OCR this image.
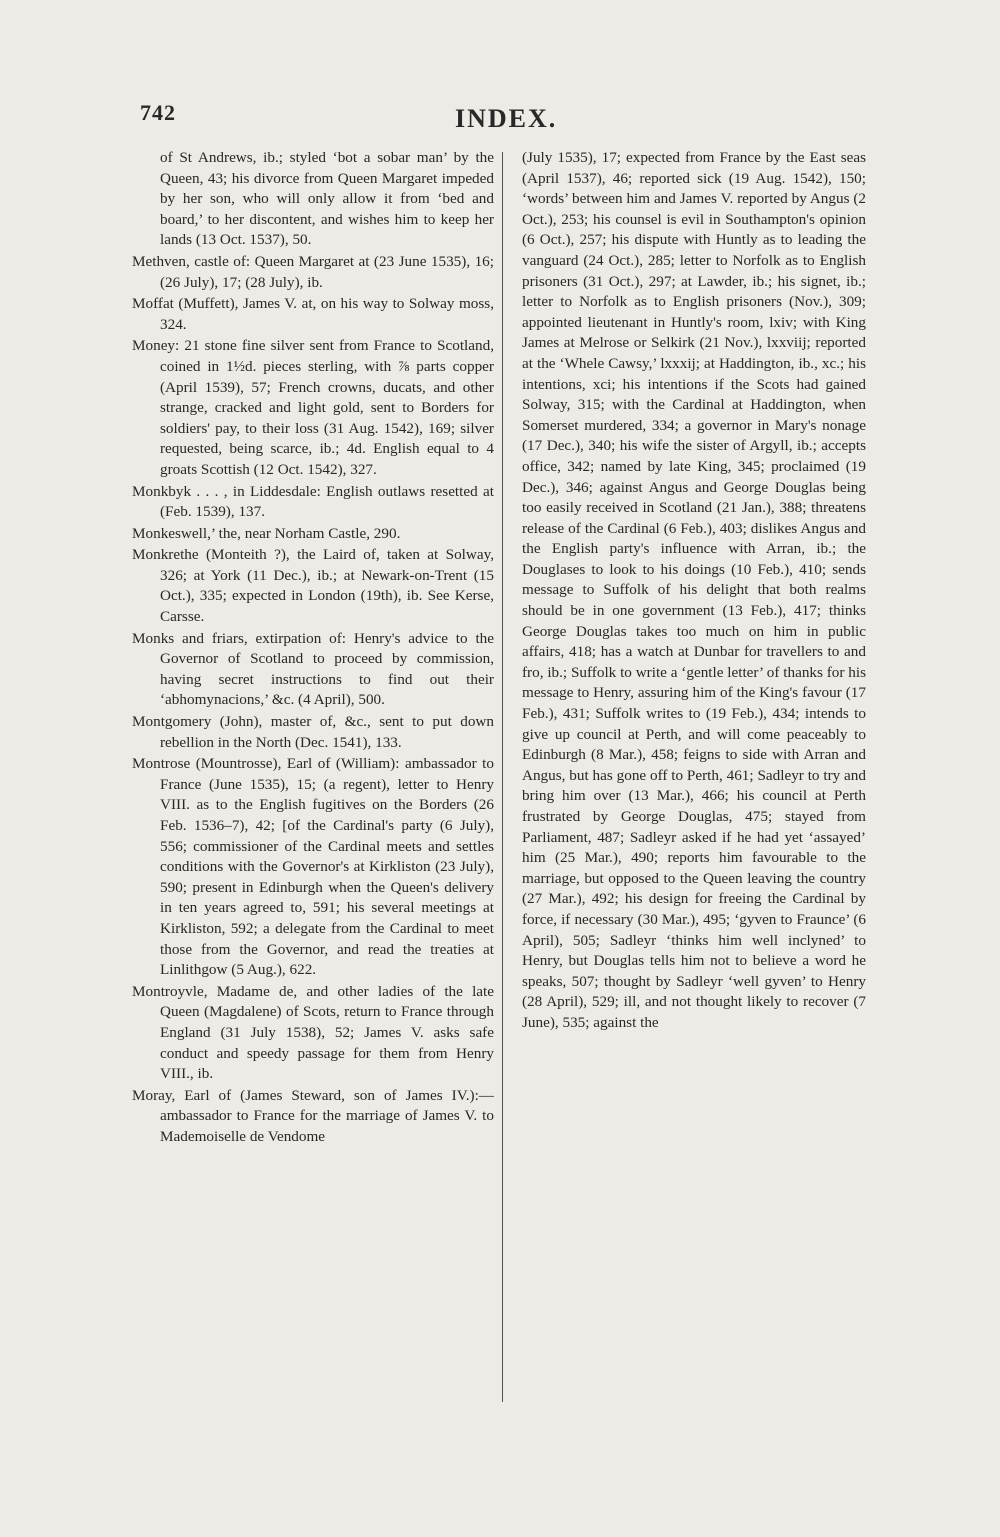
742	INDEX.

of St Andrews, ib.; styled ‘bot a sobar man’ by the Queen, 43; his divorce from Queen Margaret impeded by her son, who will only allow it from ‘bed and board,’ to her discontent, and wishes him to keep her lands (13 Oct. 1537), 50.

Methven, castle of: Queen Margaret at (23 June 1535), 16; (26 July), 17; (28 July), ib.

Moffat (Muffett), James V. at, on his way to Solway moss, 324.

Money: 21 stone fine silver sent from France to Scotland, coined in 1½d. pieces sterling, with ⅞ parts copper (April 1539), 57; French crowns, ducats, and other strange, cracked and light gold, sent to Borders for soldiers' pay, to their loss (31 Aug. 1542), 169; silver requested, being scarce, ib.; 4d. English equal to 4 groats Scottish (12 Oct. 1542), 327.

Monkbyk . . . , in Liddesdale: English outlaws resetted at (Feb. 1539), 137.

Monkeswell,’ the, near Norham Castle, 290.

Monkrethe (Monteith ?), the Laird of, taken at Solway, 326; at York (11 Dec.), ib.; at Newark-on-Trent (15 Oct.), 335; expected in London (19th), ib. See Kerse, Carsse.

Monks and friars, extirpation of: Henry's advice to the Governor of Scotland to proceed by commission, having secret instructions to find out their ‘abhomynacions,’ &c. (4 April), 500.

Montgomery (John), master of, &c., sent to put down rebellion in the North (Dec. 1541), 133.

Montrose (Mountrosse), Earl of (William): ambassador to France (June 1535), 15; (a regent), letter to Henry VIII. as to the English fugitives on the Borders (26 Feb. 1536–7), 42; [of the Cardinal's party (6 July), 556; commissioner of the Cardinal meets and settles conditions with the Governor's at Kirkliston (23 July), 590; present in Edinburgh when the Queen's delivery in ten years agreed to, 591; his several meetings at Kirkliston, 592; a delegate from the Cardinal to meet those from the Governor, and read the treaties at Linlithgow (5 Aug.), 622.

Montroyvle, Madame de, and other ladies of the late Queen (Magdalene) of Scots, return to France through England (31 July 1538), 52; James V. asks safe conduct and speedy passage for them from Henry VIII., ib.

Moray, Earl of (James Steward, son of James IV.):—ambassador to France for the marriage of James V. to Mademoiselle de Vendome

(July 1535), 17; expected from France by the East seas (April 1537), 46; reported sick (19 Aug. 1542), 150; ‘words’ between him and James V. reported by Angus (2 Oct.), 253; his counsel is evil in Southampton's opinion (6 Oct.), 257; his dispute with Huntly as to leading the vanguard (24 Oct.), 285; letter to Norfolk as to English prisoners (31 Oct.), 297; at Lawder, ib.; his signet, ib.; letter to Norfolk as to English prisoners (Nov.), 309; appointed lieutenant in Huntly's room, lxiv; with King James at Melrose or Selkirk (21 Nov.), lxxviij; reported at the ‘Whele Cawsy,’ lxxxij; at Haddington, ib., xc.; his intentions, xci; his intentions if the Scots had gained Solway, 315; with the Cardinal at Haddington, when Somerset murdered, 334; a governor in Mary's nonage (17 Dec.), 340; his wife the sister of Argyll, ib.; accepts office, 342; named by late King, 345; proclaimed (19 Dec.), 346; against Angus and George Douglas being too easily received in Scotland (21 Jan.), 388; threatens release of the Cardinal (6 Feb.), 403; dislikes Angus and the English party's influence with Arran, ib.; the Douglases to look to his doings (10 Feb.), 410; sends message to Suffolk of his delight that both realms should be in one government (13 Feb.), 417; thinks George Douglas takes too much on him in public affairs, 418; has a watch at Dunbar for travellers to and fro, ib.; Suffolk to write a ‘gentle letter’ of thanks for his message to Henry, assuring him of the King's favour (17 Feb.), 431; Suffolk writes to (19 Feb.), 434; intends to give up council at Perth, and will come peaceably to Edinburgh (8 Mar.), 458; feigns to side with Arran and Angus, but has gone off to Perth, 461; Sadleyr to try and bring him over (13 Mar.), 466; his council at Perth frustrated by George Douglas, 475; stayed from Parliament, 487; Sadleyr asked if he had yet ‘assayed’ him (25 Mar.), 490; reports him favourable to the marriage, but opposed to the Queen leaving the country (27 Mar.), 492; his design for freeing the Cardinal by force, if necessary (30 Mar.), 495; ‘gyven to Fraunce’ (6 April), 505; Sadleyr ‘thinks him well inclyned’ to Henry, but Douglas tells him not to believe a word he speaks, 507; thought by Sadleyr ‘well gyven’ to Henry (28 April), 529; ill, and not thought likely to recover (7 June), 535; against the
